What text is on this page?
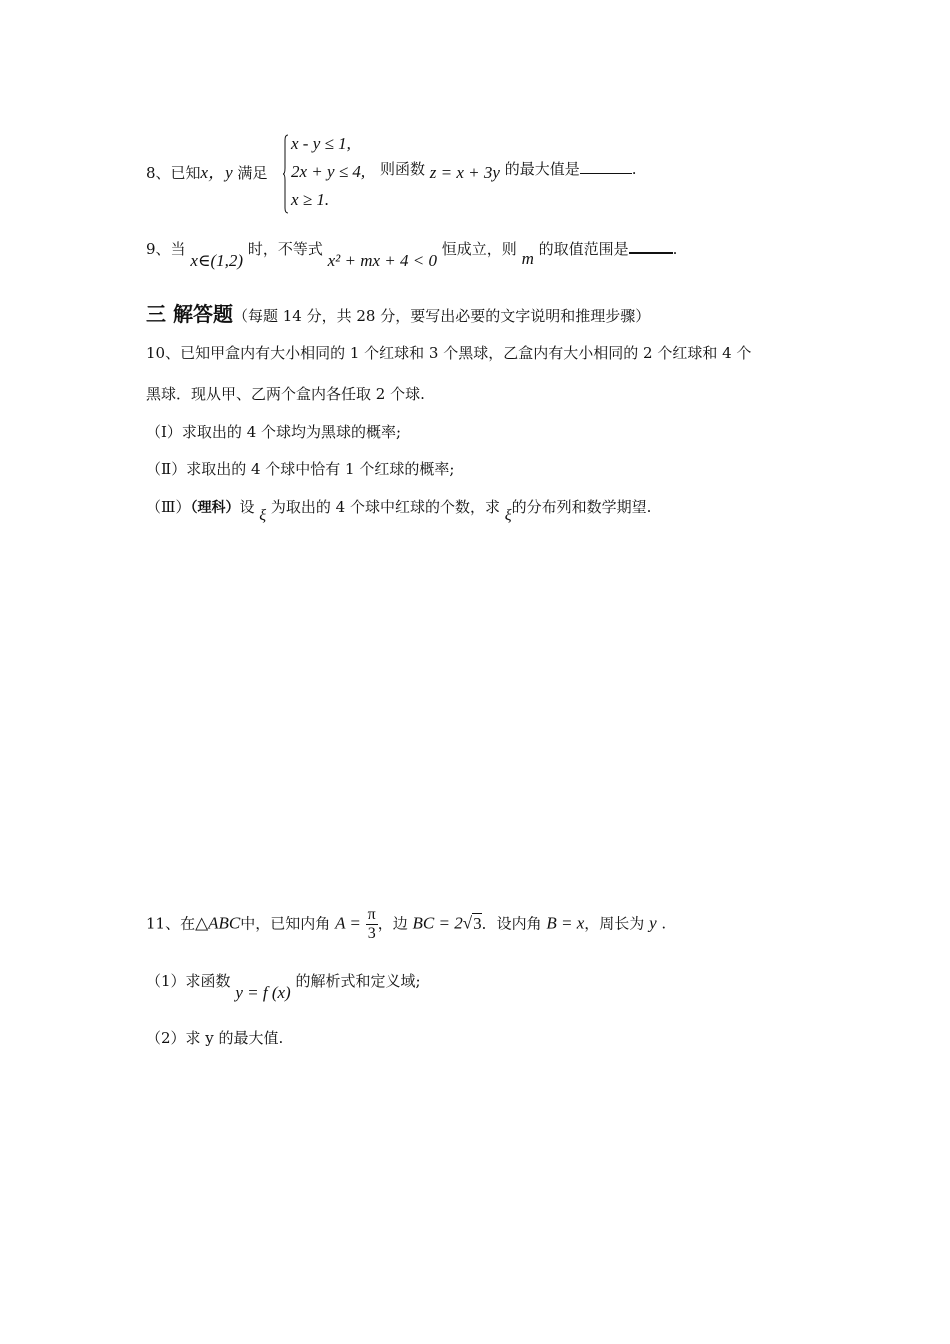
8、已知x，y 满足
x - y ≤ 1,
2x + y ≤ 4,
x ≥ 1.
则函数 z = x + 3y 的最大值是	.
9、当 x∈(1,2) 时，不等式 x² + mx + 4 < 0 恒成立，则 m 的取值范围是	.
三 解答题（每题 14 分，共 28 分，要写出必要的文字说明和推理步骤）
10、已知甲盒内有大小相同的 1 个红球和 3 个黑球，乙盒内有大小相同的 2 个红球和 4 个
黑球．现从甲、乙两个盒内各任取 2 个球.
（Ⅰ）求取出的 4 个球均为黑球的概率;
（Ⅱ）求取出的 4 个球中恰有 1 个红球的概率;
（Ⅲ）（理科）设 ξ 为取出的 4 个球中红球的个数，求 ξ的分布列和数学期望.
11、在△ABC中，已知内角 $A = \frac{\pi}{3}$ ，边 BC = 2√3．设内角 B = x，周长为 y .
（1）求函数 y = f (x) 的解析式和定义域;
（2）求 y 的最大值.
